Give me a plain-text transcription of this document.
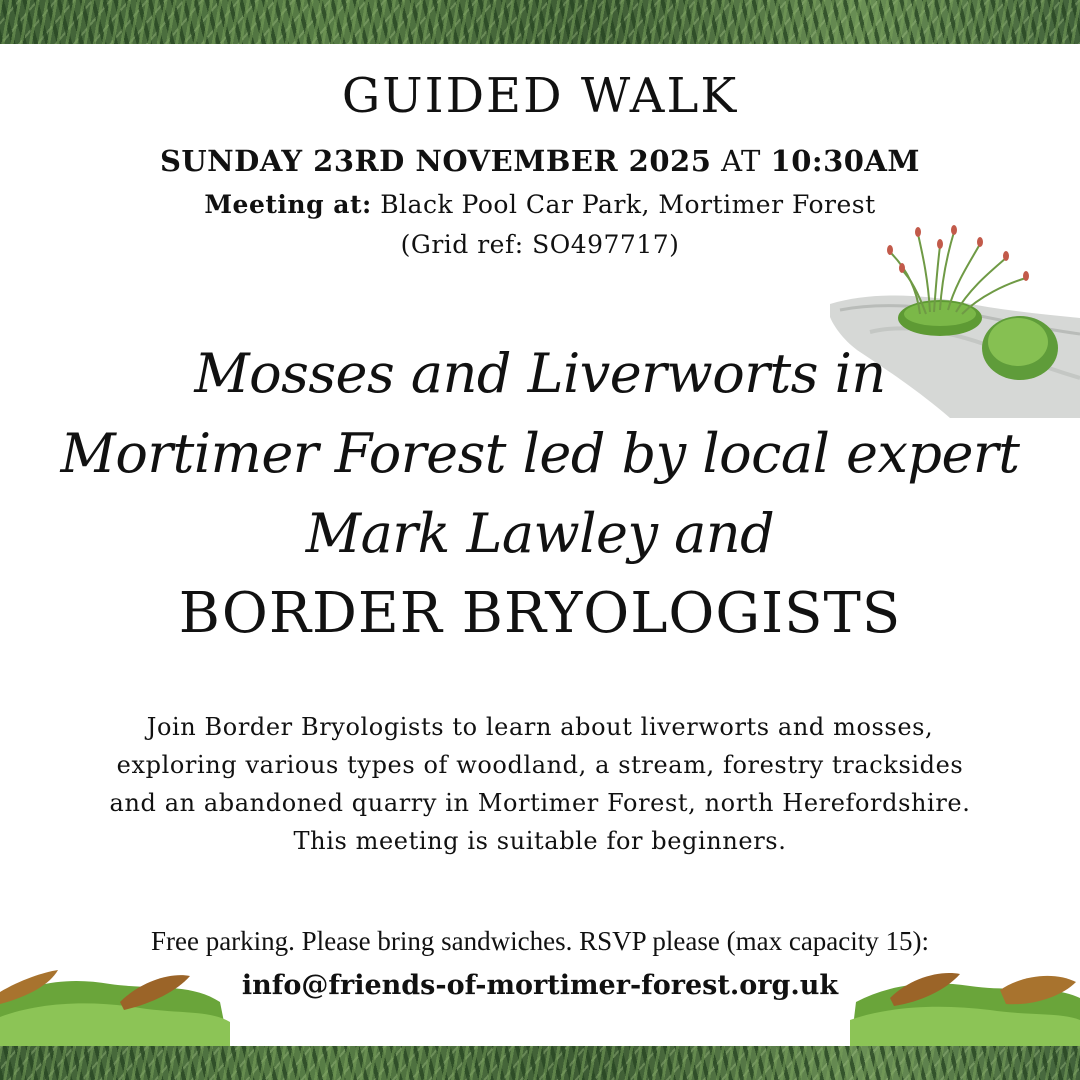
GUIDED WALK
SUNDAY 23RD NOVEMBER 2025 AT 10:30AM
Meeting at: Black Pool Car Park, Mortimer Forest
(Grid ref: SO497717)
Mosses and Liverworts in
Mortimer Forest led by local expert
Mark Lawley and
BORDER BRYOLOGISTS
Join Border Bryologists to learn about liverworts and mosses,
exploring various types of woodland, a stream, forestry tracksides
and an abandoned quarry in Mortimer Forest, north Herefordshire.
This meeting is suitable for beginners.
Free parking. Please bring sandwiches. RSVP please (max capacity 15):
info@friends-of-mortimer-forest.org.uk
